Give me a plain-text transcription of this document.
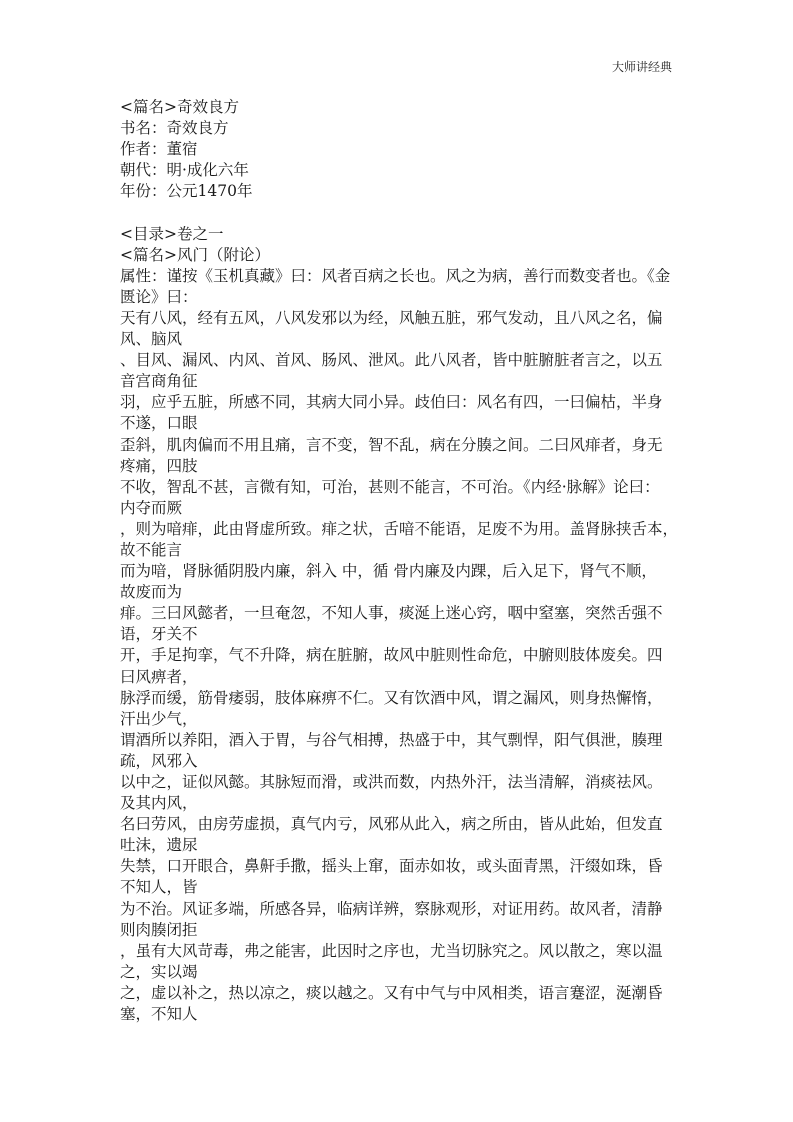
大师讲经典
<篇名>奇效良方
书名：奇效良方
作者：董宿
朝代：明·成化六年
年份：公元1470年
<目录>卷之一
<篇名>风门（附论）
属性：谨按《玉机真藏》曰：风者百病之长也。风之为病，善行而数变者也。《金
匮论》曰：
天有八风，经有五风，八风发邪以为经，风触五脏，邪气发动，且八风之名，偏
风、脑风
、目风、漏风、内风、首风、肠风、泄风。此八风者，皆中脏腑脏者言之，以五
音宫商角征
羽，应乎五脏，所感不同，其病大同小异。歧伯曰：风名有四，一曰偏枯，半身
不遂，口眼
歪斜，肌肉偏而不用且痛，言不变，智不乱，病在分腠之间。二曰风痱者，身无
疼痛，四肢
不收，智乱不甚，言微有知，可治，甚则不能言，不可治。《内经·脉解》论曰：
内夺而厥
，则为喑痱，此由肾虚所致。痱之状，舌喑不能语，足废不为用。盖肾脉挟舌本，
故不能言
而为喑，肾脉循阴股内廉，斜入 中，循 骨内廉及内踝，后入足下，肾气不顺，
故废而为
痱。三曰风懿者，一旦奄忽，不知人事，痰涎上迷心窍，咽中窒塞，突然舌强不
语，牙关不
开，手足拘挛，气不升降，病在脏腑，故风中脏则性命危，中腑则肢体废矣。四
曰风痹者，
脉浮而缓，筋骨痿弱，肢体麻痹不仁。又有饮酒中风，谓之漏风，则身热懈惰，
汗出少气，
谓酒所以养阳，酒入于胃，与谷气相搏，热盛于中，其气剽悍，阳气俱泄，腠理
疏，风邪入
以中之，证似风懿。其脉短而滑，或洪而数，内热外汗，法当清解，消痰祛风。
及其内风，
名曰劳风，由房劳虚损，真气内亏，风邪从此入，病之所由，皆从此始，但发直
吐沫，遗尿
失禁，口开眼合，鼻鼾手撒，摇头上窜，面赤如妆，或头面青黑，汗缀如珠，昏
不知人，皆
为不治。风证多端，所感各异，临病详辨，察脉观形，对证用药。故风者，清静
则肉腠闭拒
，虽有大风苛毒，弗之能害，此因时之序也，尤当切脉究之。风以散之，寒以温
之，实以竭
之，虚以补之，热以凉之，痰以越之。又有中气与中风相类，语言蹇涩，涎潮昏
塞，不知人
